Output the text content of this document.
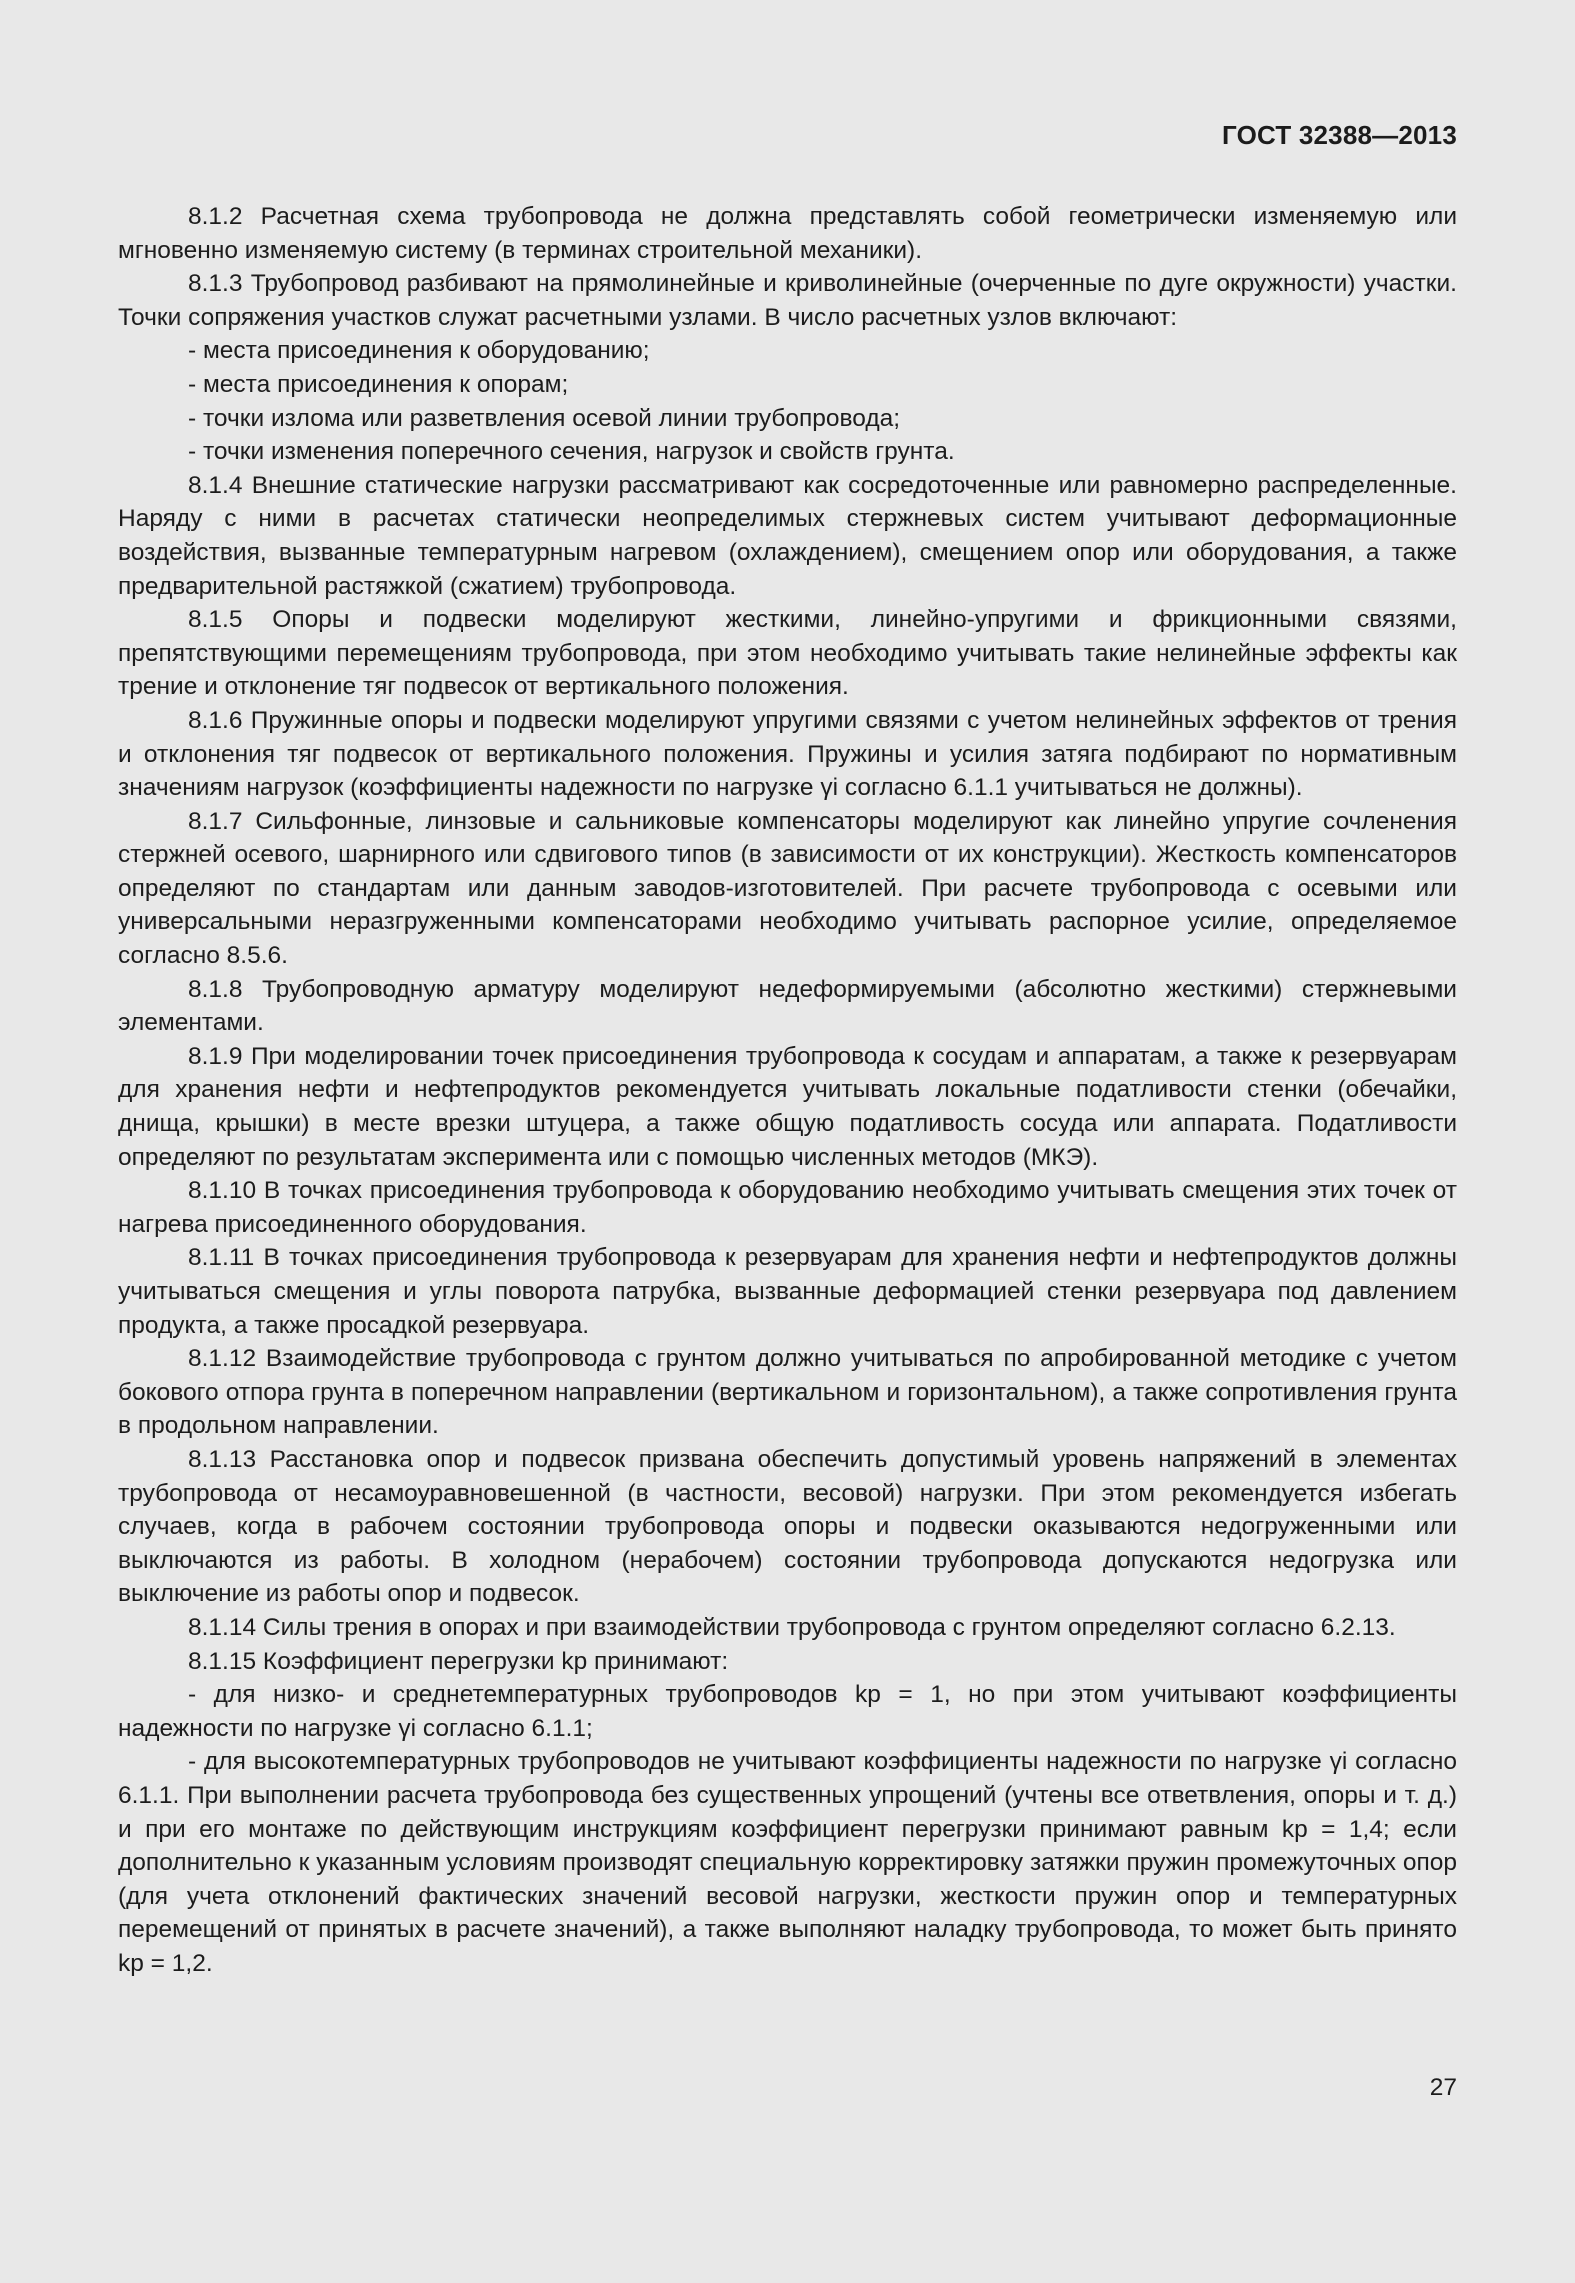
ГОСТ 32388—2013

8.1.2 Расчетная схема трубопровода не должна представлять собой геометрически изменяемую или мгновенно изменяемую систему (в терминах строительной механики).

8.1.3 Трубопровод разбивают на прямолинейные и криволинейные (очерченные по дуге окружности) участки. Точки сопряжения участков служат расчетными узлами. В число расчетных узлов включают:

- места присоединения к оборудованию;

- места присоединения к опорам;

- точки излома или разветвления осевой линии трубопровода;

- точки изменения поперечного сечения, нагрузок и свойств грунта.

8.1.4 Внешние статические нагрузки рассматривают как сосредоточенные или равномерно распределенные. Наряду с ними в расчетах статически неопределимых стержневых систем учитывают деформационные воздействия, вызванные температурным нагревом (охлаждением), смещением опор или оборудования, а также предварительной растяжкой (сжатием) трубопровода.

8.1.5 Опоры и подвески моделируют жесткими, линейно-упругими и фрикционными связями, препятствующими перемещениям трубопровода, при этом необходимо учитывать такие нелинейные эффекты как трение и отклонение тяг подвесок от вертикального положения.

8.1.6 Пружинные опоры и подвески моделируют упругими связями с учетом нелинейных эффектов от трения и отклонения тяг подвесок от вертикального положения. Пружины и усилия затяга подбирают по нормативным значениям нагрузок (коэффициенты надежности по нагрузке γi согласно 6.1.1 учитываться не должны).

8.1.7 Сильфонные, линзовые и сальниковые компенсаторы моделируют как линейно упругие сочленения стержней осевого, шарнирного или сдвигового типов (в зависимости от их конструкции). Жесткость компенсаторов определяют по стандартам или данным заводов-изготовителей. При расчете трубопровода с осевыми или универсальными неразгруженными компенсаторами необходимо учитывать распорное усилие, определяемое согласно 8.5.6.

8.1.8 Трубопроводную арматуру моделируют недеформируемыми (абсолютно жесткими) стержневыми элементами.

8.1.9 При моделировании точек присоединения трубопровода к сосудам и аппаратам, а также к резервуарам для хранения нефти и нефтепродуктов рекомендуется учитывать локальные податливости стенки (обечайки, днища, крышки) в месте врезки штуцера, а также общую податливость сосуда или аппарата. Податливости определяют по результатам эксперимента или с помощью численных методов (МКЭ).

8.1.10 В точках присоединения трубопровода к оборудованию необходимо учитывать смещения этих точек от нагрева присоединенного оборудования.

8.1.11 В точках присоединения трубопровода к резервуарам для хранения нефти и нефтепродуктов должны учитываться смещения и углы поворота патрубка, вызванные деформацией стенки резервуара под давлением продукта, а также просадкой резервуара.

8.1.12 Взаимодействие трубопровода с грунтом должно учитываться по апробированной методике с учетом бокового отпора грунта в поперечном направлении (вертикальном и горизонтальном), а также сопротивления грунта в продольном направлении.

8.1.13 Расстановка опор и подвесок призвана обеспечить допустимый уровень напряжений в элементах трубопровода от несамоуравновешенной (в частности, весовой) нагрузки. При этом рекомендуется избегать случаев, когда в рабочем состоянии трубопровода опоры и подвески оказываются недогруженными или выключаются из работы. В холодном (нерабочем) состоянии трубопровода допускаются недогрузка или выключение из работы опор и подвесок.

8.1.14 Силы трения в опорах и при взаимодействии трубопровода с грунтом определяют согласно 6.2.13.

8.1.15 Коэффициент перегрузки kp принимают:

- для низко- и среднетемпературных трубопроводов kp = 1, но при этом учитывают коэффициенты надежности по нагрузке γi согласно 6.1.1;

- для высокотемпературных трубопроводов не учитывают коэффициенты надежности по нагрузке γi согласно 6.1.1. При выполнении расчета трубопровода без существенных упрощений (учтены все ответвления, опоры и т. д.) и при его монтаже по действующим инструкциям коэффициент перегрузки принимают равным kp = 1,4; если дополнительно к указанным условиям производят специальную корректировку затяжки пружин промежуточных опор (для учета отклонений фактических значений весовой нагрузки, жесткости пружин опор и температурных перемещений от принятых в расчете значений), а также выполняют наладку трубопровода, то может быть принято kp = 1,2.

27
